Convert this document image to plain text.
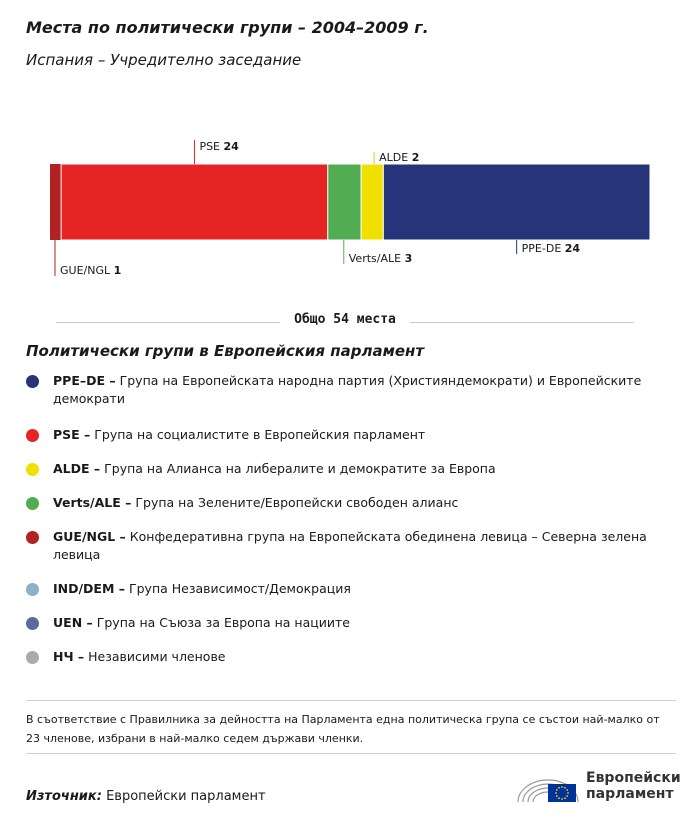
Места по политически групи – 2004–2009 г.
Испания – Учредително заседание
GUE/NGL 1
PSE 24
Verts/ALE 3
ALDE 2
PPE-DE 24
Общо 54 места
Политически групи в Европейския парламент
PPE–DE – Група на Европейската народна партия (Християндемократи) и Европейските демократи
PSE – Група на социалистите в Европейския парламент
ALDE – Група на Алианса на либералите и демократите за Европа
Verts/ALE – Група на Зелените/Европейски свободен алианс
GUE/NGL – Конфедеративна група на Европейската обединена левица – Северна зелена левица
IND/DEM – Група Независимост/Демокрация
UEN – Група на Съюза за Европа на нациите
НЧ – Независими членове
В съответствие с Правилника за дейността на Парламента една политическа група се състои най-малко от 23 членове, избрани в най-малко седем държави членки.
Източник: Европейски парламент
Европейски
парламент
